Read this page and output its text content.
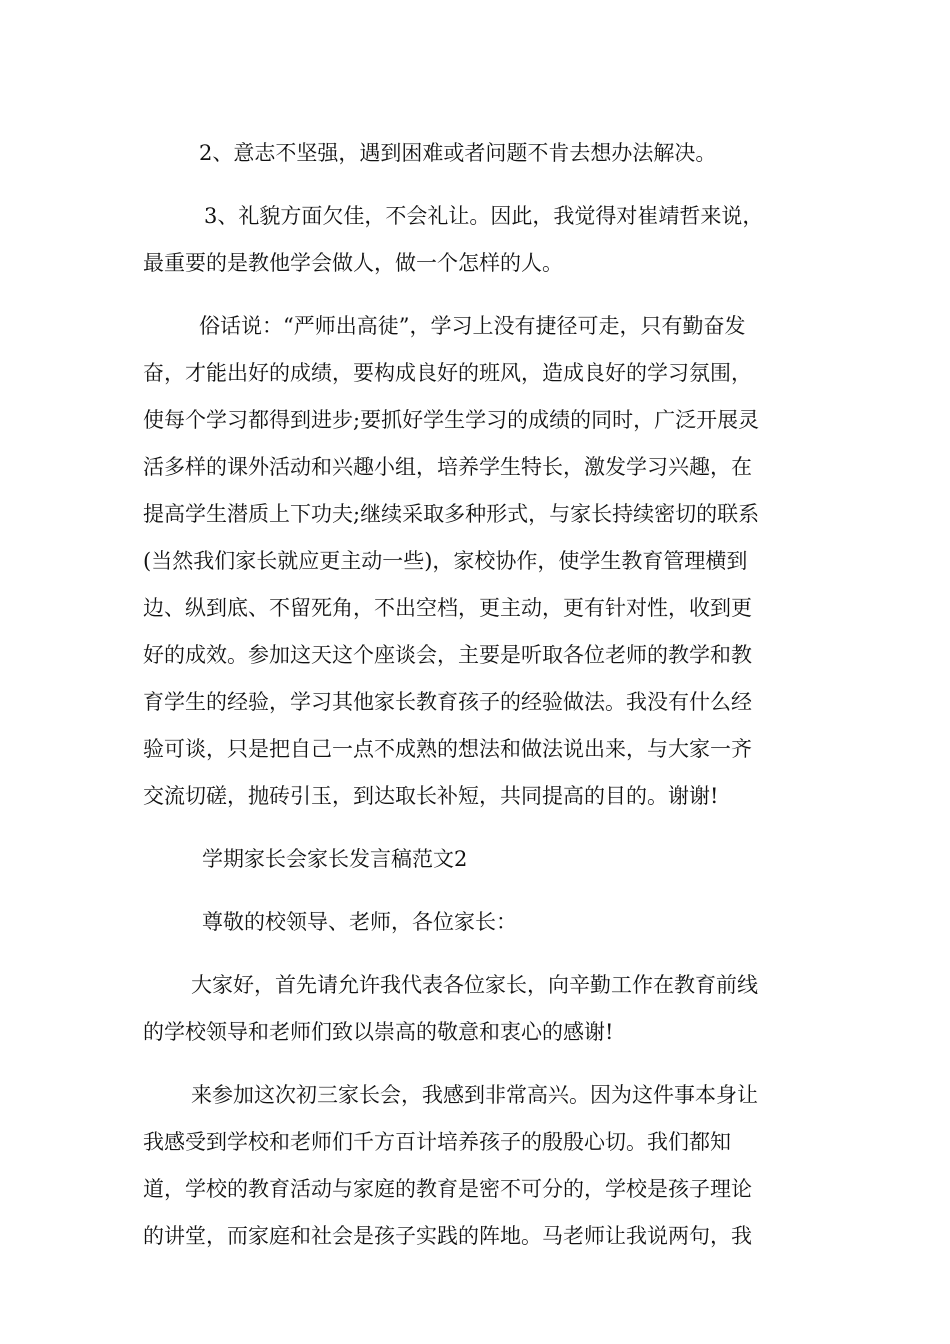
2、意志不坚强，遇到困难或者问题不肯去想办法解决。

3、礼貌方面欠佳，不会礼让。因此，我觉得对崔靖哲来说，

最重要的是教他学会做人，做一个怎样的人。

俗话说：“严师出高徒”，学习上没有捷径可走，只有勤奋发

奋，才能出好的成绩，要构成良好的班风，造成良好的学习氛围，

使每个学习都得到进步;要抓好学生学习的成绩的同时，广泛开展灵

活多样的课外活动和兴趣小组，培养学生特长，激发学习兴趣，在

提高学生潜质上下功夫;继续采取多种形式，与家长持续密切的联系

(当然我们家长就应更主动一些)，家校协作，使学生教育管理横到

边、纵到底、不留死角，不出空档，更主动，更有针对性，收到更

好的成效。参加这天这个座谈会，主要是听取各位老师的教学和教

育学生的经验，学习其他家长教育孩子的经验做法。我没有什么经

验可谈，只是把自己一点不成熟的想法和做法说出来，与大家一齐

交流切磋，抛砖引玉，到达取长补短，共同提高的目的。谢谢!

学期家长会家长发言稿范文2

尊敬的校领导、老师，各位家长：

大家好，首先请允许我代表各位家长，向辛勤工作在教育前线

的学校领导和老师们致以崇高的敬意和衷心的感谢!

来参加这次初三家长会，我感到非常高兴。因为这件事本身让

我感受到学校和老师们千方百计培养孩子的殷殷心切。我们都知

道，学校的教育活动与家庭的教育是密不可分的，学校是孩子理论

的讲堂，而家庭和社会是孩子实践的阵地。马老师让我说两句，我
